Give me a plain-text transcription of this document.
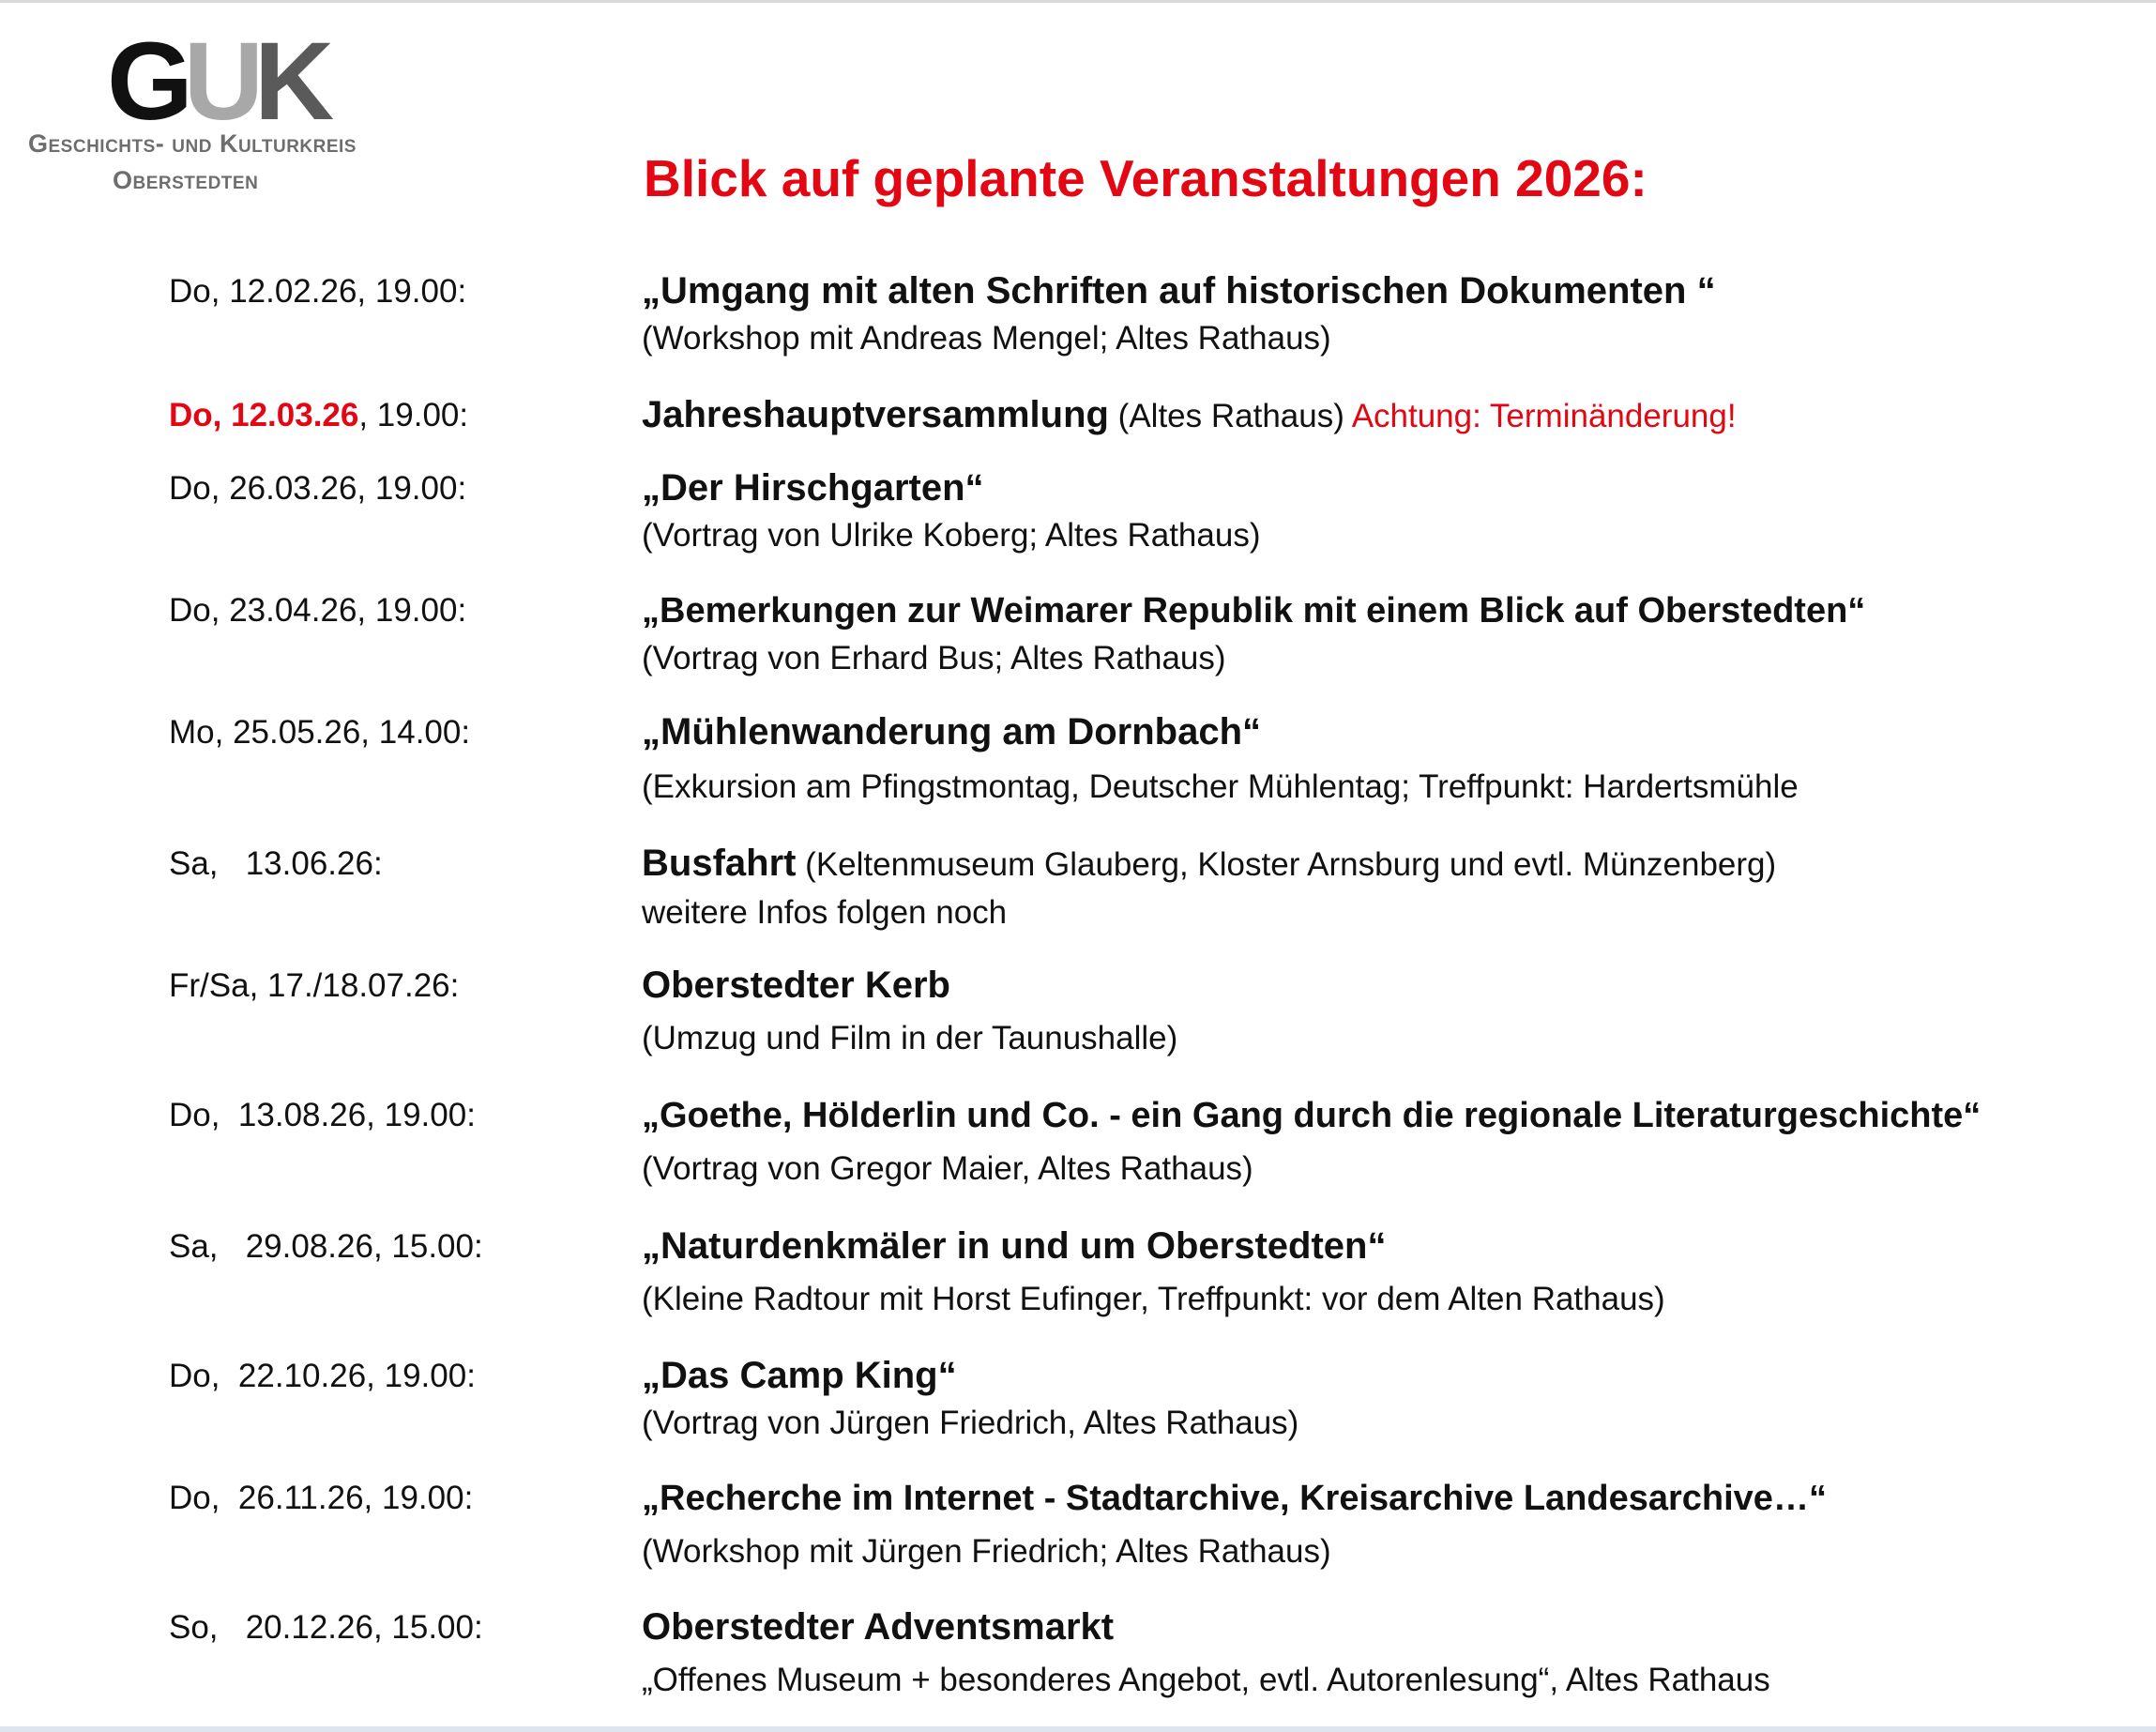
GUK
Geschichts- und Kulturkreis
Oberstedten	Blick auf geplante Veranstaltungen 2026:
Do, 12.02.26, 19.00:	„Umgang mit alten Schriften auf historischen Dokumenten “
(Workshop mit Andreas Mengel; Altes Rathaus)
Do, 12.03.26, 19.00:	Jahreshauptversammlung (Altes Rathaus) Achtung: Terminänderung!
Do, 26.03.26, 19.00:	„Der Hirschgarten“
(Vortrag von Ulrike Koberg; Altes Rathaus)
Do, 23.04.26, 19.00:	„Bemerkungen zur Weimarer Republik mit einem Blick auf Oberstedten“
(Vortrag von Erhard Bus; Altes Rathaus)
Mo, 25.05.26, 14.00:	„Mühlenwanderung am Dornbach“
(Exkursion am Pfingstmontag, Deutscher Mühlentag; Treffpunkt: Hardertsmühle
Sa,   13.06.26:	Busfahrt (Keltenmuseum Glauberg, Kloster Arnsburg und evtl. Münzenberg)
weitere Infos folgen noch
Fr/Sa, 17./18.07.26:	Oberstedter Kerb
(Umzug und Film in der Taunushalle)
Do,  13.08.26, 19.00:	„Goethe, Hölderlin und Co. - ein Gang durch die regionale Literaturgeschichte“
(Vortrag von Gregor Maier, Altes Rathaus)
Sa,   29.08.26, 15.00:	„Naturdenkmäler in und um Oberstedten“
(Kleine Radtour mit Horst Eufinger, Treffpunkt: vor dem Alten Rathaus)
Do,  22.10.26, 19.00:	„Das Camp King“
(Vortrag von Jürgen Friedrich, Altes Rathaus)
Do,  26.11.26, 19.00:	„Recherche im Internet - Stadtarchive, Kreisarchive Landesarchive…“
(Workshop mit Jürgen Friedrich; Altes Rathaus)
So,   20.12.26, 15.00:	Oberstedter Adventsmarkt
„Offenes Museum + besonderes Angebot, evtl. Autorenlesung“, Altes Rathaus
